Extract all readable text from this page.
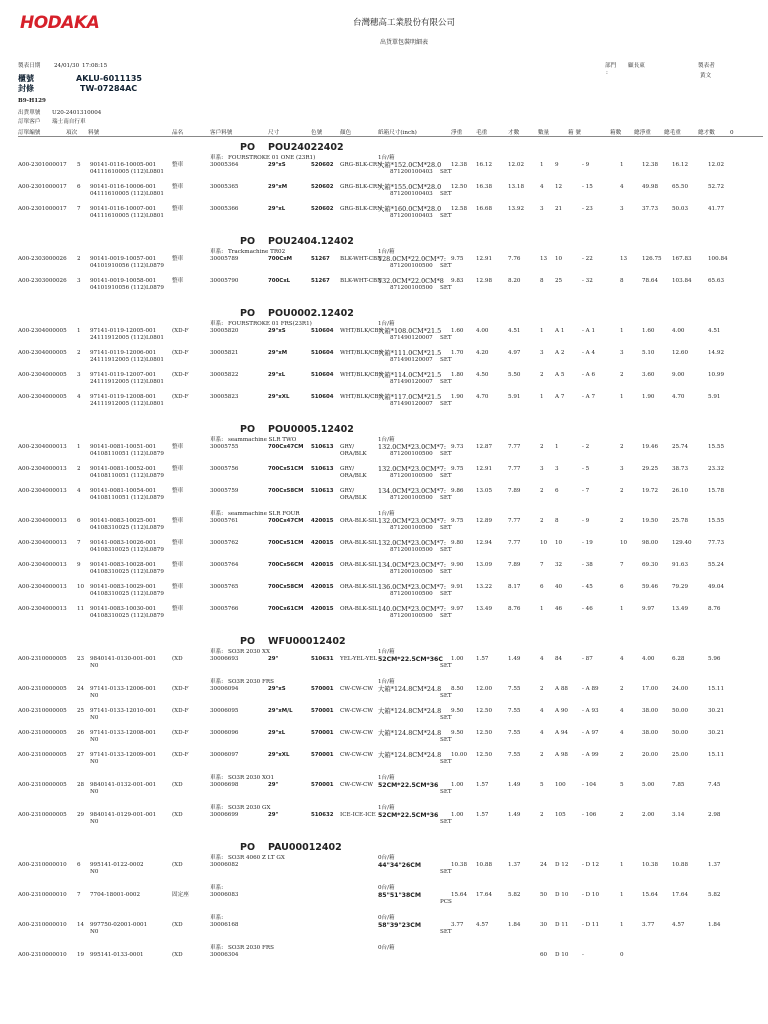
HODAKA	台灣穗高工業股份有限公司
出貨單包裝明細表
製表日期 24/01/30 17:08:15	部門 顧長東
:
製表者
黃文
櫃號	AKLU-6011135
封條	TW-07284AC
B9-H129
出貨單號 U20-2401310004
訂單客戶 瑞士南自行車
訂單編號	項次 料號	品名	客戶料號	尺寸	色號	顏色	紙箱尺寸(inch)	淨重 毛重	才數	數量	箱 號	箱數 總淨重 總毛重	總才數	0
PO POU24022402
車系: FOURSTROKE 01 ONE (23R1)	1台/箱
A00-2301000017 5 90141-0116-10005-001
04111610005 (112)L0801
整車	30005364	29"xS	520602 GRG-BLK-CRN
大箱*152.0CM*28.0
871200100403 SET
12.38 16.12	12.02	1 9	- 9	1	12.38 16.12	12.02
A00-2301000017 6 90141-0116-10006-001
04111610005 (112)L0801
整車	30005365	29"xM	520602 GRG-BLK-CRN
大箱*155.0CM*28.0
871200100403 SET
12.50 16.38	13.18	4 12	- 15	4	49.98 65.50	52.72
A00-2301000017 7 90141-0116-10007-001
04111610005 (112)L0801
整車	30005366	29"xL	520602 GRG-BLK-CRN
大箱*160.0CM*28.0
871200100403 SET
12.58 16.68	13.92	3 21	- 23	3	37.73 50.03	41.77
PO POU2404.12402
車系: Trackmachine TR02	1台/箱
A00-2303000026 2 90141-0019-10057-001
04101910056 (112)L0879
整車	30005789	700CxM	51267 BLK-WHT-CBN
128.0CM*22.0CM*7:
871200100500 SET
9.75 12.91	7.76	13 10	- 22	13	126.75 167.83	100.84
A00-2303000026 3 90141-0019-10058-001
04101910056 (112)L0879
整車	30005790	700CxL	51267 BLK-WHT-CBN
132.0CM*22.0CM*8
871200100500 SET
9.83 12.98	8.20	8 25	- 32	8	78.64 103.84	65.63
PO POU0002.12402
車系: FOURSTROKE 01 FRS(23R1)	1台/箱
A00-2304000005 1 97141-0119-12005-001
24111912005 (112)L0801
(XD-F	30005820	29"xS	510604 WHT/BLK/CBN
大箱*108.0CM*21.5
871490120007 SET
1.60 4.00	4.51	1 A 1	- A 1	1	1.60	4.00	4.51
A00-2304000005 2 97141-0119-12006-001
24111912005 (112)L0801
(XD-F	30005821	29"xM	510604 WHT/BLK/CBN
大箱*111.0CM*21.5
871490120007 SET
1.70 4.20	4.97	3 A 2	- A 4	3	5.10	12.60	14.92
A00-2304000005 3 97141-0119-12007-001
24111912005 (112)L0801
(XD-F	30005822	29"xL	510604 WHT/BLK/CBN
大箱*114.0CM*21.5
871490120007 SET
1.80 4.50	5.50	2 A 5	- A 6	2	3.60	9.00	10.99
A00-2304000005 4 97141-0119-12008-001
24111912005 (112)L0801
(XD-F	30005823	29"xXL	510604 WHT/BLK/CBN
大箱*117.0CM*21.5
871490120007 SET
1.90 4.70	5.91	1 A 7	- A 7	1	1.90	4.70	5.91
PO POU0005.12402
車系: seammachine SLR TWO	1台/箱
A00-2304000013 1 90141-0081-10051-001
04108110051 (112)L0879
整車	30005755	700Cx47CM 510613 GRY/
ORA/BLK
132.0CM*23.0CM*7:
871200100500 SET
9.73 12.87	7.77	2 1	- 2	2	19.46 25.74	15.55
A00-2304000013 2 90141-0081-10052-001
04108110051 (112)L0879
整車	30005756	700Cx51CM 510613 GRY/
ORA/BLK
132.0CM*23.0CM*7:
871200100500 SET
9.75 12.91	7.77	3 3	- 5	3	29.25 38.73	23.32
A00-2304000013 4 90141-0081-10054-001
04108110051 (112)L0879
整車	30005759	700Cx58CM 510613 GRY/
ORA/BLK
134.0CM*23.0CM*7:
871200100500 SET
9.86 13.05	7.89	2 6	- 7	2	19.72 26.10	15.78
車系: seammachine SLR FOUR	1台/箱
A00-2304000013 6 90141-0083-10025-001
04108310025 (112)L0879
整車	30005761	700Cx47CM 420015 ORA-BLK-SIL 132.0CM*23.0CM*7:
871200100500 SET
9.75 12.89	7.77	2 8	- 9	2	19.50 25.78	15.55
A00-2304000013 7 90141-0083-10026-001
04108310025 (112)L0879
整車	30005762	700Cx51CM 420015 ORA-BLK-SIL 132.0CM*23.0CM*7:
871200100500 SET
9.80 12.94	7.77	10 10	- 19	10	98.00 129.40	77.73
A00-2304000013 9 90141-0083-10028-001
04108310025 (112)L0879
整車	30005764	700Cx56CM 420015 ORA-BLK-SIL 134.0CM*23.0CM*7:
871200100500 SET
9.90 13.09	7.89	7 32	- 38	7	69.30 91.63	55.24
A00-2304000013 10 90141-0083-10029-001
04108310025 (112)L0879
整車	30005765	700Cx58CM 420015 ORA-BLK-SIL 136.0CM*23.0CM*7:
871200100500 SET
9.91 13.22	8.17	6 40	- 45	6	59.46 79.29	49.04
A00-2304000013 11 90141-0083-10030-001
04108310025 (112)L0879
整車	30005766	700Cx61CM 420015 ORA-BLK-SIL 140.0CM*23.0CM*7:
871200100500 SET
9.97 13.49	8.76	1 46	- 46	1	9.97	13.49	8.76
PO WFU00012402
車系: SO3R 2030 XX	1台/箱
A00-2310000005 23 9840141-0130-001-001
N0
(XD	30006693	29"	510631 YEL-YEL-YEL 52CM*22.5CM*36C
SET
1.00 1.57	1.49	4 84	- 87	4	4.00	6.28	5.96
車系: SO3R 2030 FRS	1台/箱
A00-2310000005 24 97141-0133-12006-001
N0
(XD-F	30006094	29"xS	570001 CW-CW-CW 大箱*124.8CM*24.8
SET
8.50 12.00	7.55	2 A 88	- A 89	2	17.00 24.00	15.11
A00-2310000005 25 97141-0133-12010-001
N0
(XD-F	30006095	29"xM/L	570001 CW-CW-CW 大箱*124.8CM*24.8
SET
9.50 12.50	7.55	4 A 90	- A 93	4	38.00 50.00	30.21
A00-2310000005 26 97141-0133-12008-001
N0
(XD-F	30006096	29"xL	570001 CW-CW-CW 大箱*124.8CM*24.8
SET
9.50 12.50	7.55	4 A 94	- A 97	4	38.00 50.00	30.21
A00-2310000005 27 97141-0133-12009-001
N0
(XD-F	30006097	29"xXL	570001 CW-CW-CW 大箱*124.8CM*24.8
SET
10.00 12.50	7.55	2 A 98	- A 99	2	20.00 25.00	15.11
車系: SO3R 2030 XO1	1台/箱
A00-2310000005 28 9840141-0132-001-001
N0
(XD	30006698	29"	570001 CW-CW-CW 52CM*22.5CM*36
SET
1.00 1.57	1.49	5 100	- 104	5	5.00	7.85	7.45
車系: SO3R 2030 GX	1台/箱
A00-2310000005 29 9840141-0129-001-001
N0
(XD	30006699	29"	510632 ICE-ICE-ICE 52CM*22.5CM*36
SET
1.00 1.57	1.49	2 105	- 106	2	2.00	3.14	2.98
PO PAU00012402
車系: SO3R 4060 Z LT GX	0台/箱
A00-2310000010 6 995141-0122-0002
N0
(XD	30006082	44"34"26CM
SET
10.38 10.88	1.37	24 D 12 - D 12	1	10.38 10.88	1.37
車系:	0台/箱
A00-2310000010 7 7704-18001-0002	固定座	30006083	85"51"38CM
PCS
15.64 17.64	5.82	50 D 10 - D 10	1	15.64 17.64	5.82
車系:	0台/箱
A00-2310000010 14 997750-02001-0001
N0
(XD	30006168	58"39"23CM
SET
3.77 4.57	1.84	30 D 11 - D 11	1	3.77	4.57	1.84
車系: SO3R 2030 FRS	0台/箱
A00-2310000010 19 995141-0133-0001	(XD	30006304	60 D 10 -	0
